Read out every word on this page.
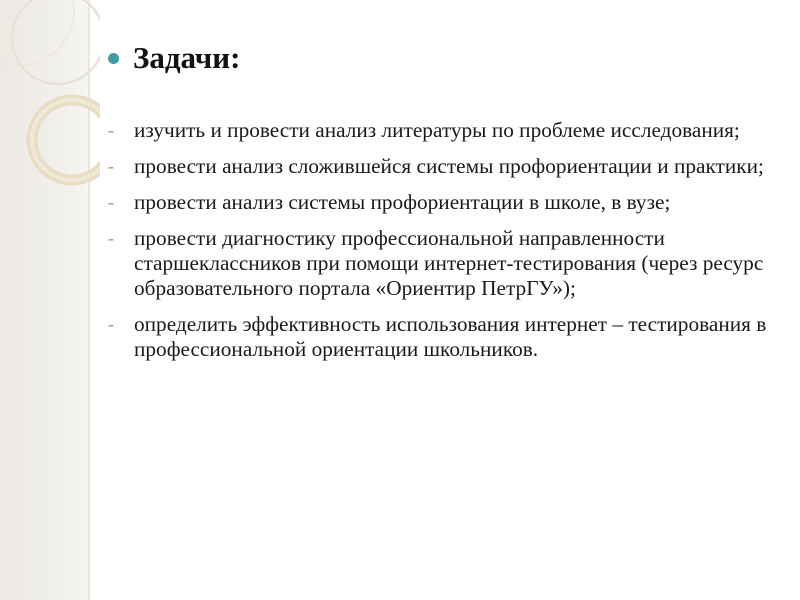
Задачи:
- изучить и провести анализ литературы по проблеме исследования;
- провести анализ сложившейся системы профориентации и практики;
- провести анализ системы профориентации в школе, в вузе;
- провести диагностику профессиональной направленности старшеклассников при помощи интернет-тестирования (через ресурс образовательного портала «Ориентир ПетрГУ»);
- определить эффективность использования интернет – тестирования в профессиональной ориентации школьников.
